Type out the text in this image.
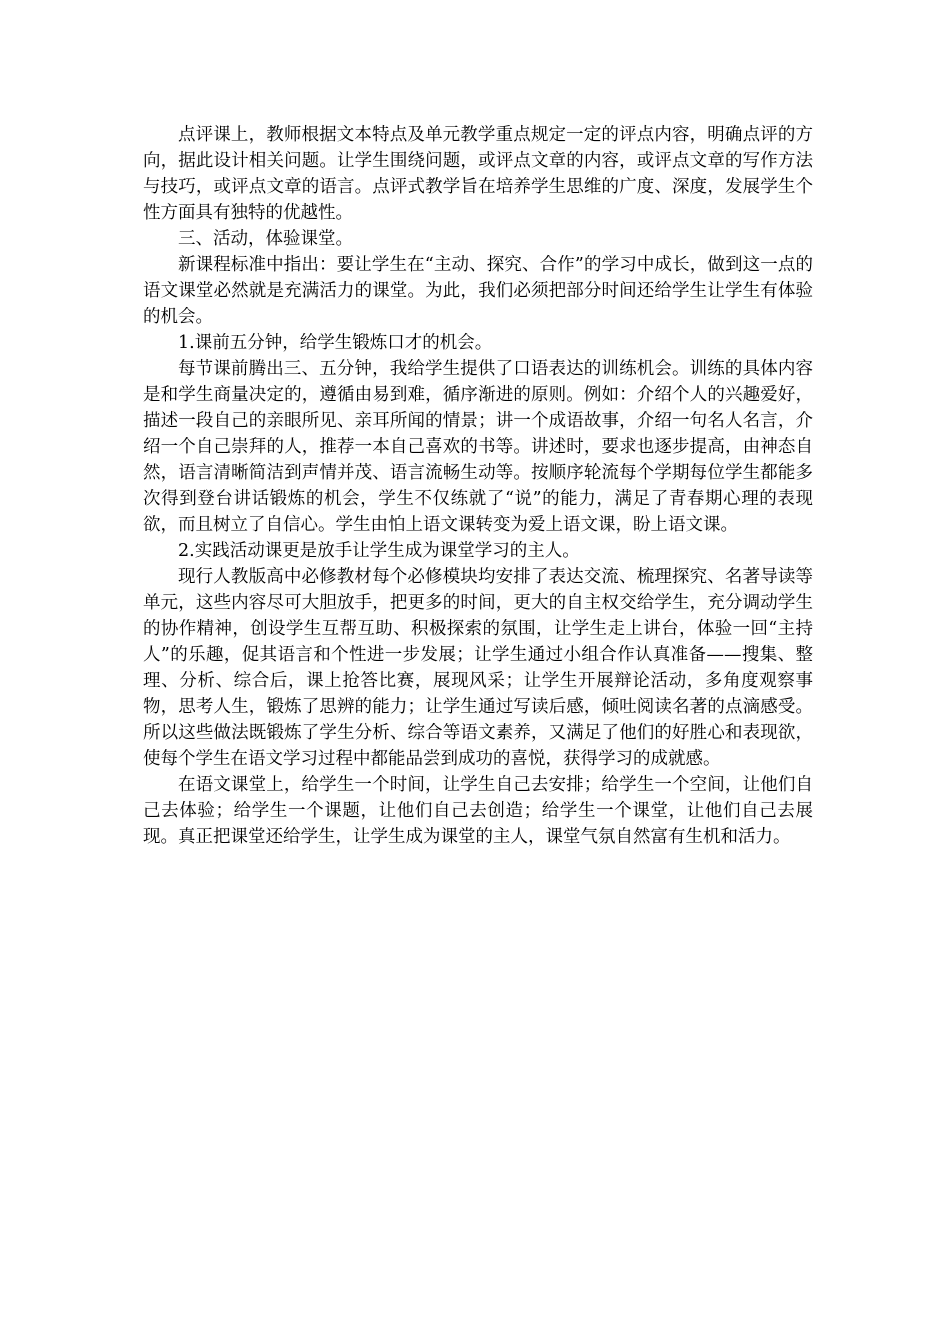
点评课上，教师根据文本特点及单元教学重点规定一定的评点内容，明确点评的方向，据此设计相关问题。让学生围绕问题，或评点文章的内容，或评点文章的写作方法与技巧，或评点文章的语言。点评式教学旨在培养学生思维的广度、深度，发展学生个性方面具有独特的优越性。

三、活动，体验课堂。

新课程标准中指出：要让学生在“主动、探究、合作”的学习中成长，做到这一点的语文课堂必然就是充满活力的课堂。为此，我们必须把部分时间还给学生让学生有体验的机会。

1.课前五分钟，给学生锻炼口才的机会。

每节课前腾出三、五分钟，我给学生提供了口语表达的训练机会。训练的具体内容是和学生商量决定的，遵循由易到难，循序渐进的原则。例如：介绍个人的兴趣爱好，描述一段自己的亲眼所见、亲耳所闻的情景；讲一个成语故事，介绍一句名人名言，介绍一个自己崇拜的人，推荐一本自己喜欢的书等。讲述时，要求也逐步提高，由神态自然，语言清晰简洁到声情并茂、语言流畅生动等。按顺序轮流每个学期每位学生都能多次得到登台讲话锻炼的机会，学生不仅练就了“说”的能力，满足了青春期心理的表现欲，而且树立了自信心。学生由怕上语文课转变为爱上语文课，盼上语文课。

2.实践活动课更是放手让学生成为课堂学习的主人。

现行人教版高中必修教材每个必修模块均安排了表达交流、梳理探究、名著导读等单元，这些内容尽可大胆放手，把更多的时间，更大的自主权交给学生，充分调动学生的协作精神，创设学生互帮互助、积极探索的氛围，让学生走上讲台，体验一回“主持人”的乐趣，促其语言和个性进一步发展；让学生通过小组合作认真准备——搜集、整理、分析、综合后，课上抢答比赛，展现风采；让学生开展辩论活动，多角度观察事物，思考人生，锻炼了思辨的能力；让学生通过写读后感，倾吐阅读名著的点滴感受。所以这些做法既锻炼了学生分析、综合等语文素养，又满足了他们的好胜心和表现欲，使每个学生在语文学习过程中都能品尝到成功的喜悦，获得学习的成就感。

在语文课堂上，给学生一个时间，让学生自己去安排；给学生一个空间，让他们自己去体验；给学生一个课题，让他们自己去创造；给学生一个课堂，让他们自己去展现。真正把课堂还给学生，让学生成为课堂的主人，课堂气氛自然富有生机和活力。
